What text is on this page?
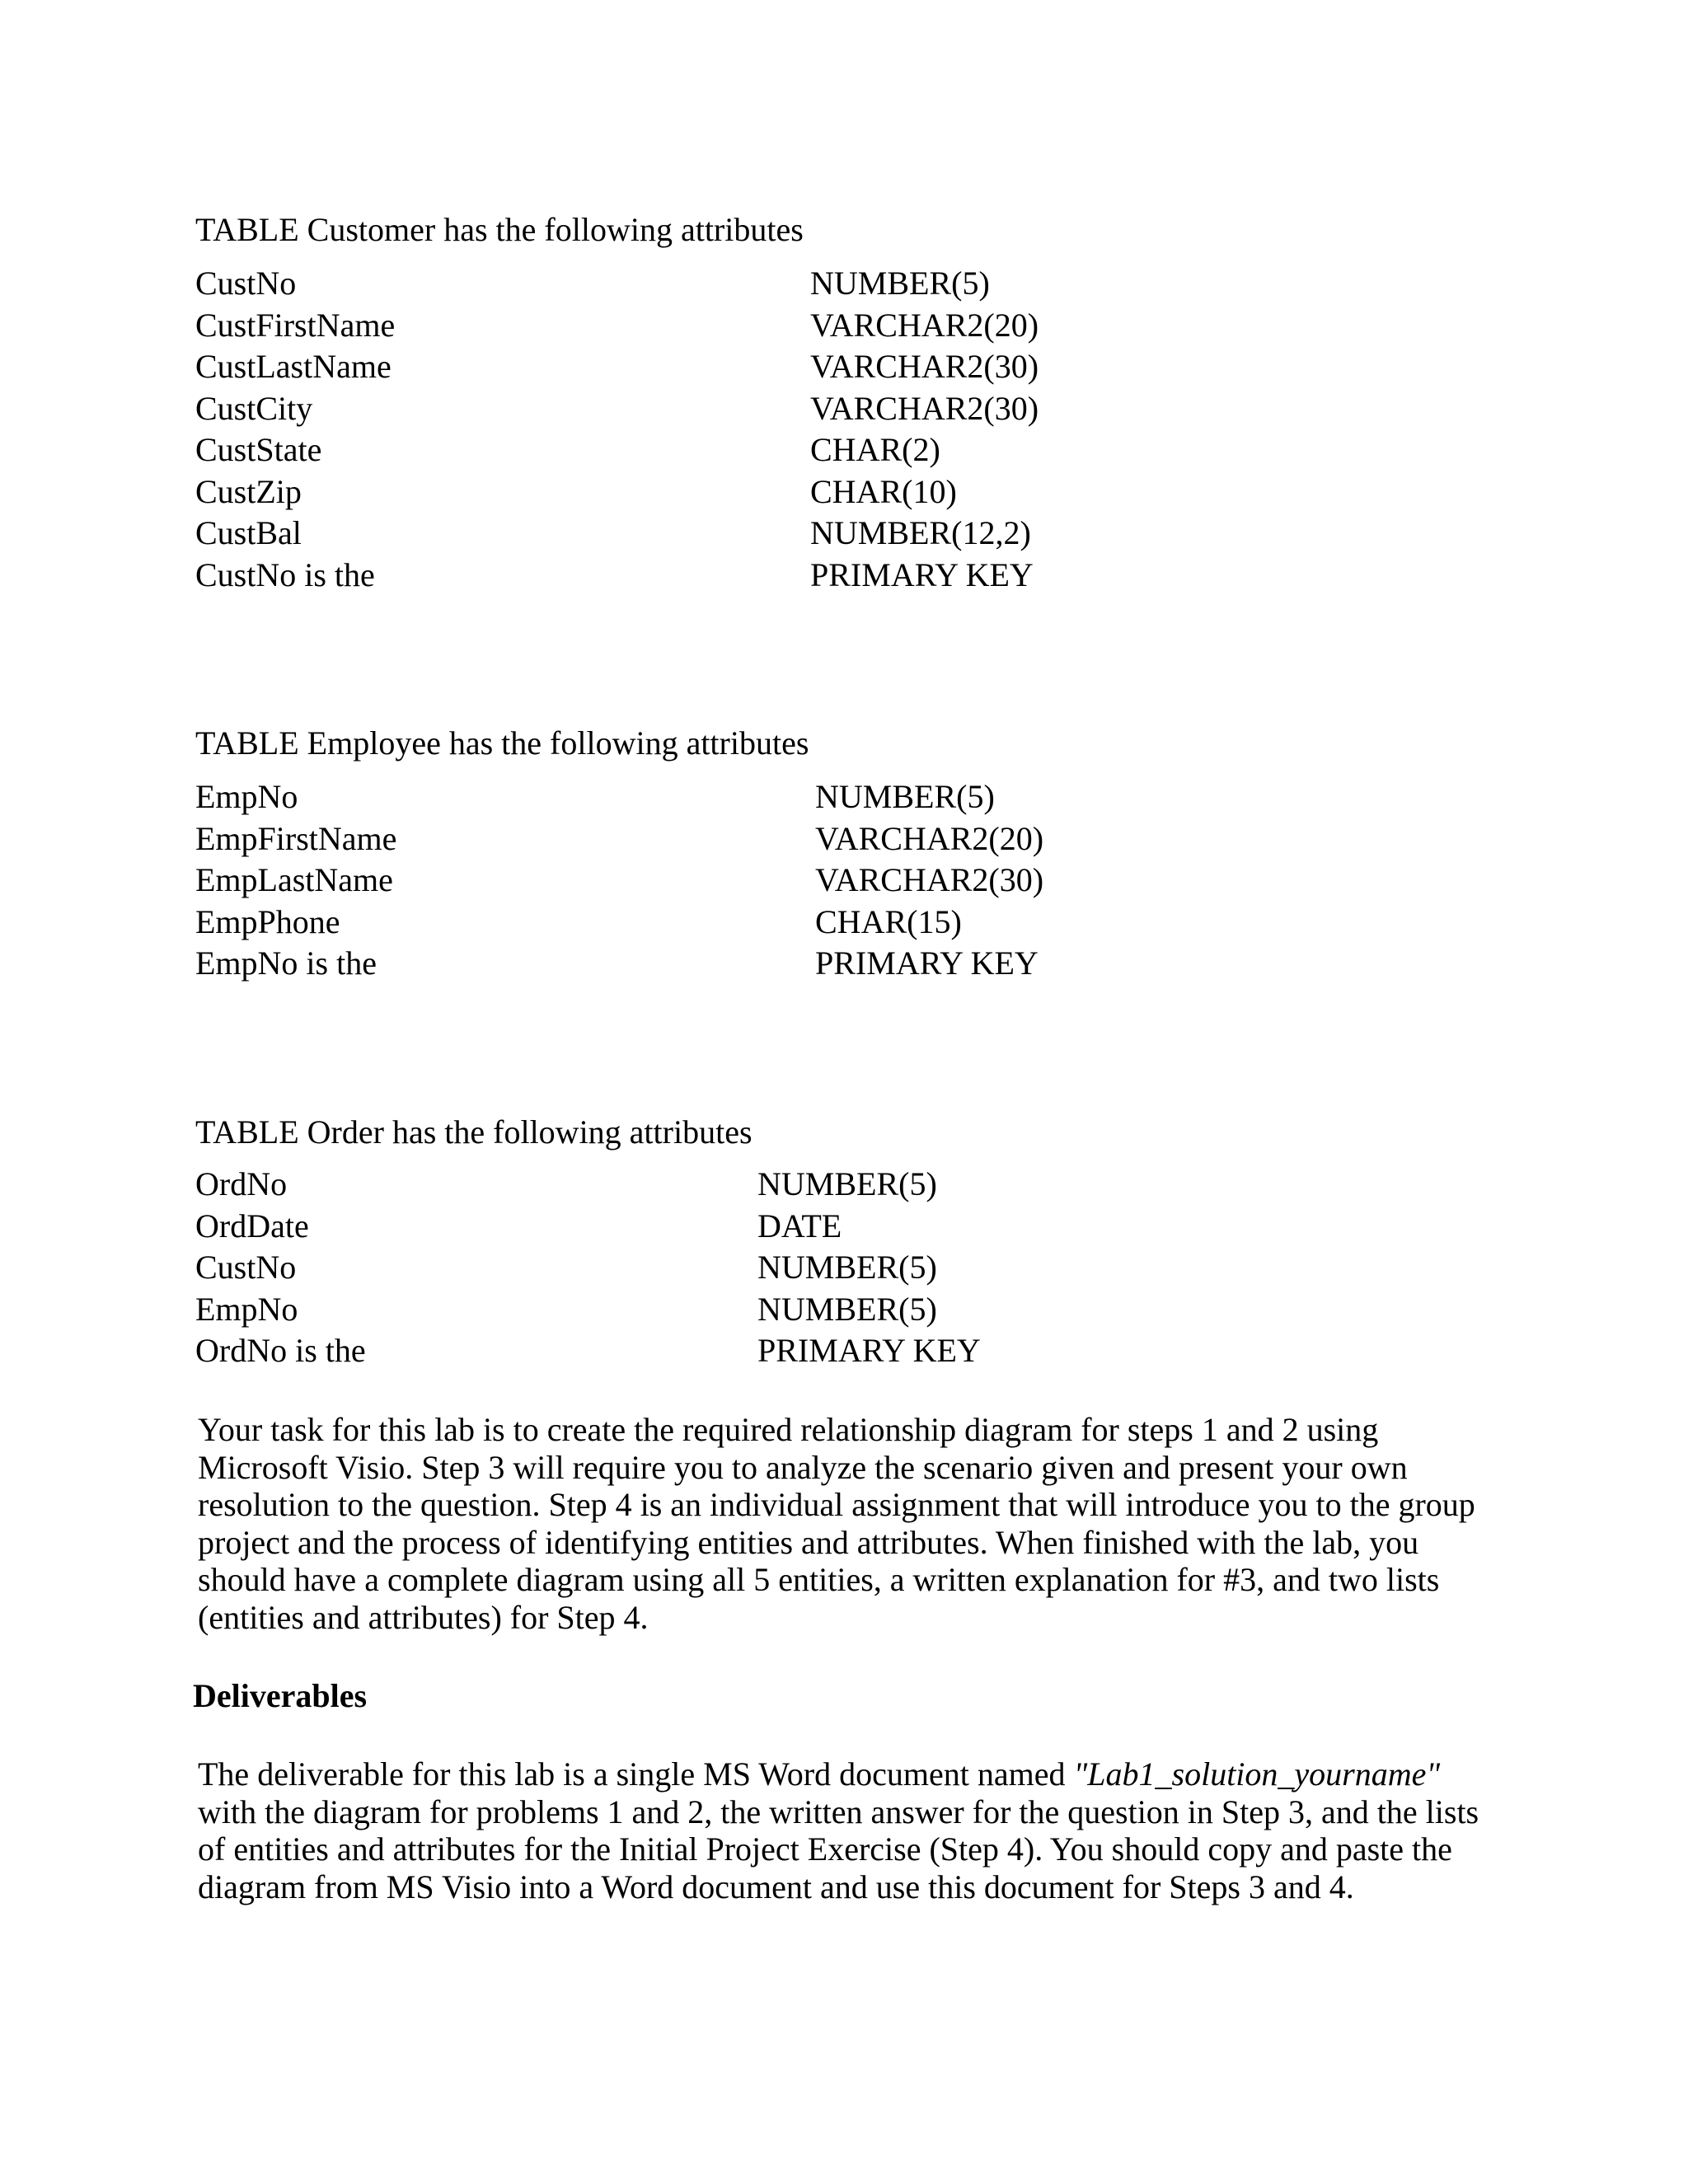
TABLE Customer has the following attributes
CustNo	NUMBER(5)
CustFirstName	VARCHAR2(20)
CustLastName	VARCHAR2(30)
CustCity	VARCHAR2(30)
CustState	CHAR(2)
CustZip	CHAR(10)
CustBal	NUMBER(12,2)
CustNo is the	PRIMARY KEY
TABLE Employee has the following attributes
EmpNo	NUMBER(5)
EmpFirstName	VARCHAR2(20)
EmpLastName	VARCHAR2(30)
EmpPhone	CHAR(15)
EmpNo is the	PRIMARY KEY
TABLE Order has the following attributes
OrdNo	NUMBER(5)
OrdDate	DATE
CustNo	NUMBER(5)
EmpNo	NUMBER(5)
OrdNo is the	PRIMARY KEY
Your task for this lab is to create the required relationship diagram for steps 1 and 2 using
Microsoft Visio. Step 3 will require you to analyze the scenario given and present your own
resolution to the question. Step 4 is an individual assignment that will introduce you to the group
project and the process of identifying entities and attributes. When finished with the lab, you
should have a complete diagram using all 5 entities, a written explanation for #3, and two lists
(entities and attributes) for Step 4.
Deliverables
The deliverable for this lab is a single MS Word document named "Lab1_solution_yourname"
with the diagram for problems 1 and 2, the written answer for the question in Step 3, and the lists
of entities and attributes for the Initial Project Exercise (Step 4). You should copy and paste the
diagram from MS Visio into a Word document and use this document for Steps 3 and 4.
